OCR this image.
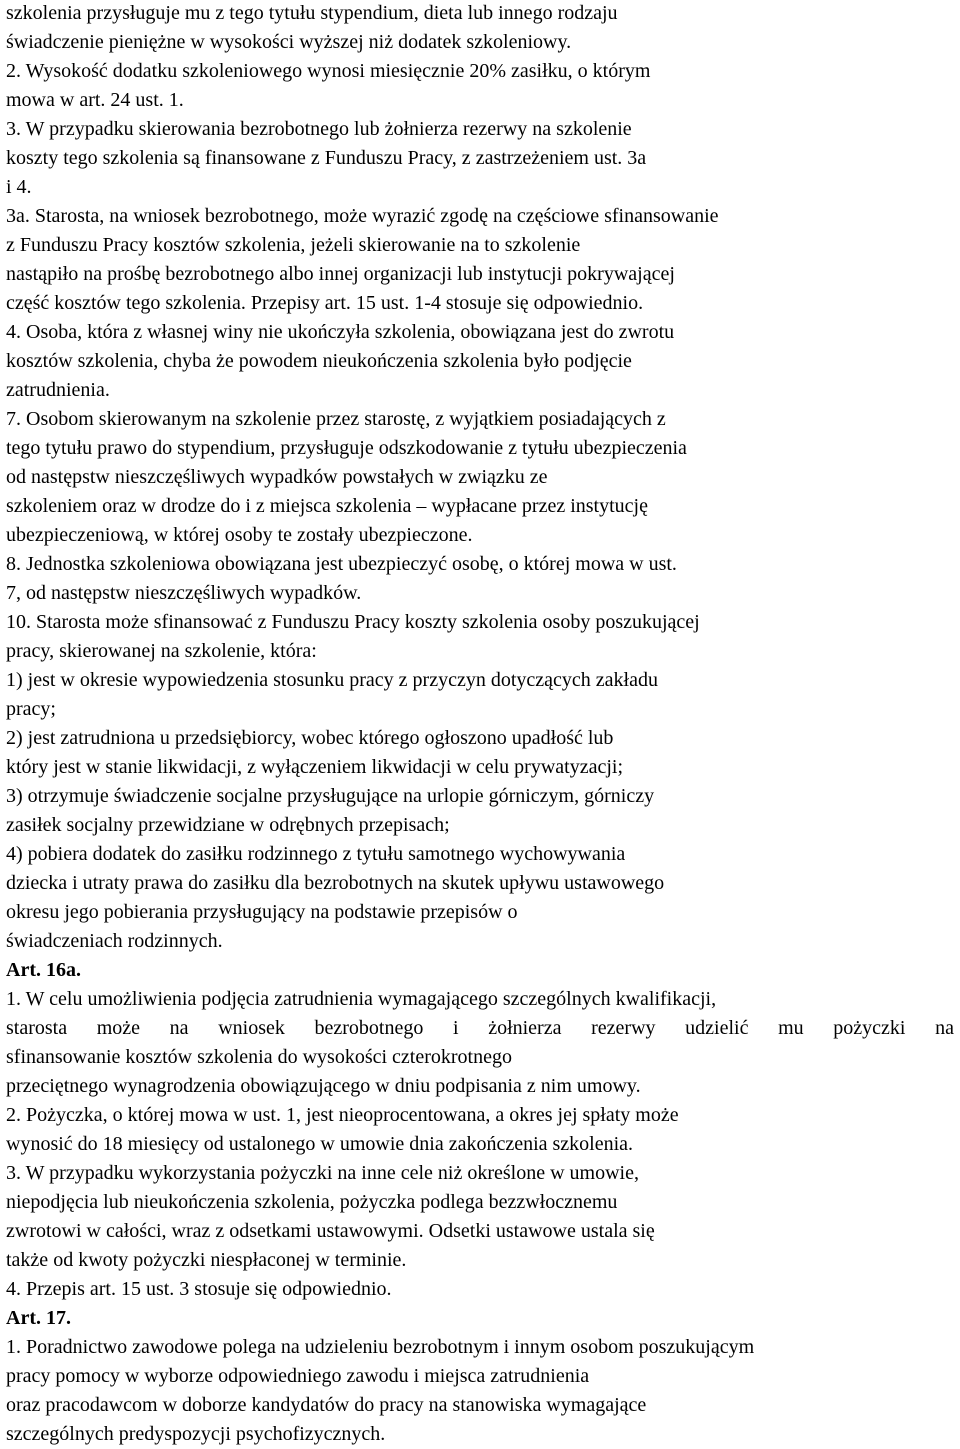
szkolenia przysługuje mu z tego tytułu stypendium, dieta lub innego rodzaju
świadczenie pieniężne w wysokości wyższej niż dodatek szkoleniowy.
2. Wysokość dodatku szkoleniowego wynosi miesięcznie 20% zasiłku, o którym
mowa w art. 24 ust. 1.
3. W przypadku skierowania bezrobotnego lub żołnierza rezerwy na szkolenie
koszty tego szkolenia są finansowane z Funduszu Pracy, z zastrzeżeniem ust. 3a
i 4.
3a. Starosta, na wniosek bezrobotnego, może wyrazić zgodę na częściowe sfinansowanie
z Funduszu Pracy kosztów szkolenia, jeżeli skierowanie na to szkolenie
nastąpiło na prośbę bezrobotnego albo innej organizacji lub instytucji pokrywającej
część kosztów tego szkolenia. Przepisy art. 15 ust. 1-4 stosuje się odpowiednio.
4. Osoba, która z własnej winy nie ukończyła szkolenia, obowiązana jest do zwrotu
kosztów szkolenia, chyba że powodem nieukończenia szkolenia było podjęcie
zatrudnienia.
7. Osobom skierowanym na szkolenie przez starostę, z wyjątkiem posiadających z
tego tytułu prawo do stypendium, przysługuje odszkodowanie z tytułu ubezpieczenia
od następstw nieszczęśliwych wypadków powstałych w związku ze
szkoleniem oraz w drodze do i z miejsca szkolenia – wypłacane przez instytucję
ubezpieczeniową, w której osoby te zostały ubezpieczone.
8. Jednostka szkoleniowa obowiązana jest ubezpieczyć osobę, o której mowa w ust.
7, od następstw nieszczęśliwych wypadków.
10. Starosta może sfinansować z Funduszu Pracy koszty szkolenia osoby poszukującej
pracy, skierowanej na szkolenie, która:
1) jest w okresie wypowiedzenia stosunku pracy z przyczyn dotyczących zakładu
pracy;
2) jest zatrudniona u przedsiębiorcy, wobec którego ogłoszono upadłość lub
który jest w stanie likwidacji, z wyłączeniem likwidacji w celu prywatyzacji;
3) otrzymuje świadczenie socjalne przysługujące na urlopie górniczym, górniczy
zasiłek socjalny przewidziane w odrębnych przepisach;
4) pobiera dodatek do zasiłku rodzinnego z tytułu samotnego wychowywania
dziecka i utraty prawa do zasiłku dla bezrobotnych na skutek upływu ustawowego
okresu jego pobierania przysługujący na podstawie przepisów o
świadczeniach rodzinnych.
Art. 16a.
1. W celu umożliwienia podjęcia zatrudnienia wymagającego szczególnych kwalifikacji,
starosta może na wniosek bezrobotnego i żołnierza rezerwy udzielić mu pożyczki na
sfinansowanie kosztów szkolenia do wysokości czterokrotnego
przeciętnego wynagrodzenia obowiązującego w dniu podpisania z nim umowy.
2. Pożyczka, o której mowa w ust. 1, jest nieoprocentowana, a okres jej spłaty może
wynosić do 18 miesięcy od ustalonego w umowie dnia zakończenia szkolenia.
3. W przypadku wykorzystania pożyczki na inne cele niż określone w umowie,
niepodjęcia lub nieukończenia szkolenia, pożyczka podlega bezzwłocznemu
zwrotowi w całości, wraz z odsetkami ustawowymi. Odsetki ustawowe ustala się
także od kwoty pożyczki niespłaconej w terminie.
4. Przepis art. 15 ust. 3 stosuje się odpowiednio.
Art. 17.
1. Poradnictwo zawodowe polega na udzieleniu bezrobotnym i innym osobom poszukującym
pracy pomocy w wyborze odpowiedniego zawodu i miejsca zatrudnienia
oraz pracodawcom w doborze kandydatów do pracy na stanowiska wymagające
szczególnych predyspozycji psychofizycznych.
